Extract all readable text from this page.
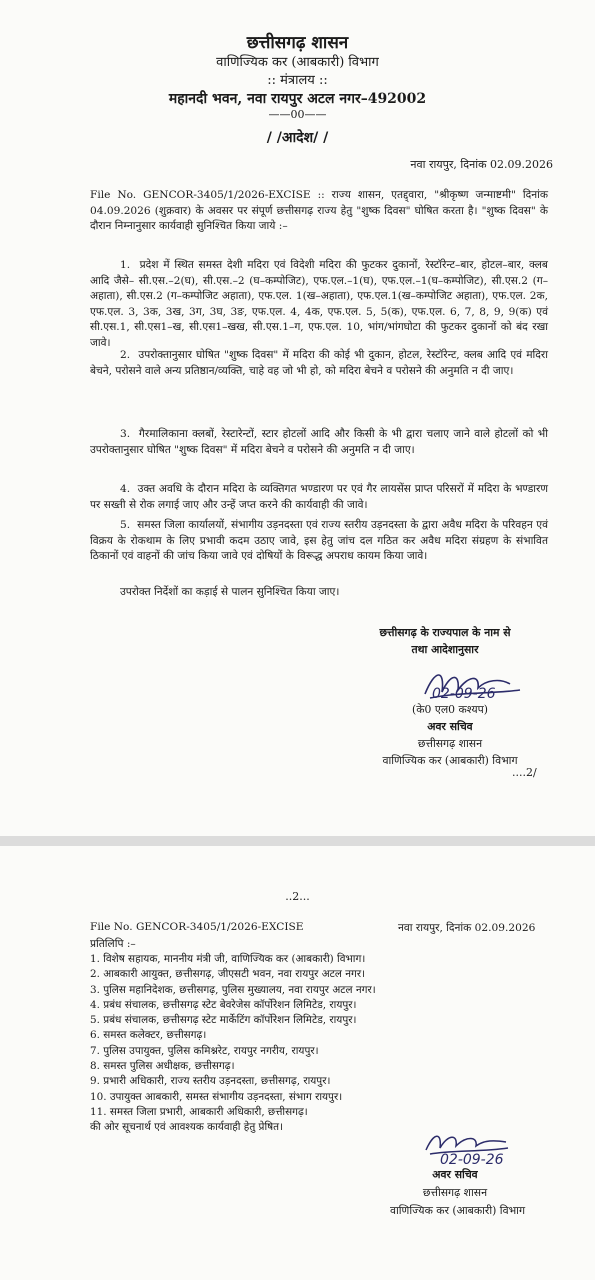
छत्तीसगढ़ शासन
वाणिज्यिक कर (आबकारी) विभाग
:: मंत्रालय ::
महानदी भवन, नवा रायपुर अटल नगर–492002
——00——
/ /आदेश/ /
नवा रायपुर, दिनांक 02.09.2026
File No. GENCOR-3405/1/2026-EXCISE :: राज्य शासन, एतद्द्वारा, "श्रीकृष्ण जन्माष्टमी" दिनांक 04.09.2026 (शुक्रवार) के अवसर पर संपूर्ण छत्तीसगढ़ राज्य हेतु "शुष्क दिवस" घोषित करता है। "शुष्क दिवस" के दौरान निम्नानुसार कार्यवाही सुनिश्चित किया जाये :–
1. प्रदेश में स्थित समस्त देशी मदिरा एवं विदेशी मदिरा की फुटकर दुकानों, रेस्टॉरेन्ट–बार, होटल–बार, क्लब आदि जैसे– सी.एस.–2(घ), सी.एस.–2 (घ–कम्पोजिट), एफ.एल.–1(घ), एफ.एल.–1(घ–कम्पोजिट), सी.एस.2 (ग–अहाता), सी.एस.2 (ग–कम्पोजिट अहाता), एफ.एल. 1(ख–अहाता), एफ.एल.1(ख–कम्पोजिट अहाता), एफ.एल. 2क, एफ.एल. 3, 3क, 3ख, 3ग, 3घ, 3ङ, एफ.एल. 4, 4क, एफ.एल. 5, 5(क), एफ.एल. 6, 7, 8, 9, 9(क) एवं सी.एस.1, सी.एस1–ख, सी.एस1–खख, सी.एस.1–ग, एफ.एल. 10, भांग/भांगघोटा की फुटकर दुकानों को बंद रखा जावे।
2. उपरोक्तानुसार घोषित "शुष्क दिवस" में मदिरा की कोई भी दुकान, होटल, रेस्टॉरेन्ट, क्लब आदि एवं मदिरा बेचने, परोसने वाले अन्य प्रतिष्ठान/व्यक्ति, चाहे वह जो भी हो, को मदिरा बेचने व परोसने की अनुमति न दी जाए।
3. गैरमालिकाना क्लबों, रेस्टारेन्टों, स्टार होटलों आदि और किसी के भी द्वारा चलाए जाने वाले होटलों को भी उपरोक्तानुसार घोषित "शुष्क दिवस" में मदिरा बेचने व परोसने की अनुमति न दी जाए।
4. उक्त अवधि के दौरान मदिरा के व्यक्तिगत भण्डारण पर एवं गैर लायसेंस प्राप्त परिसरों में मदिरा के भण्डारण पर सख्ती से रोक लगाई जाए और उन्हें जप्त करने की कार्यवाही की जावे।
5. समस्त जिला कार्यालयों, संभागीय उड़नदस्ता एवं राज्य स्तरीय उड़नदस्ता के द्वारा अवैध मदिरा के परिवहन एवं विक्रय के रोकथाम के लिए प्रभावी कदम उठाए जावे, इस हेतु जांच दल गठित कर अवैध मदिरा संग्रहण के संभावित ठिकानों एवं वाहनों की जांच किया जावे एवं दोषियों के विरूद्ध अपराध कायम किया जावे।
उपरोक्त निर्देशों का कड़ाई से पालन सुनिश्चित किया जाए।
छत्तीसगढ़ के राज्यपाल के नाम से
तथा आदेशानुसार
02-09-26
(के0 एल0 कश्यप)
अवर सचिव
छत्तीसगढ़ शासन
वाणिज्यिक कर (आबकारी) विभाग
....2/
..2...
File No. GENCOR-3405/1/2026-EXCISE	नवा रायपुर, दिनांक 02.09.2026
प्रतिलिपि :–
1. विशेष सहायक, माननीय मंत्री जी, वाणिज्यिक कर (आबकारी) विभाग।
2. आबकारी आयुक्त, छत्तीसगढ़, जीएसटी भवन, नवा रायपुर अटल नगर।
3. पुलिस महानिदेशक, छत्तीसगढ़, पुलिस मुख्यालय, नवा रायपुर अटल नगर।
4. प्रबंध संचालक, छत्तीसगढ़ स्टेट बेवरेजेस कॉर्पोरेशन लिमिटेड, रायपुर।
5. प्रबंध संचालक, छत्तीसगढ़ स्टेट मार्केटिंग कॉर्पोरेशन लिमिटेड, रायपुर।
6. समस्त कलेक्टर, छत्तीसगढ़।
7. पुलिस उपायुक्त, पुलिस कमिश्नरेट, रायपुर नगरीय, रायपुर।
8. समस्त पुलिस अधीक्षक, छत्तीसगढ़।
9. प्रभारी अधिकारी, राज्य स्तरीय उड़नदस्ता, छत्तीसगढ़, रायपुर।
10. उपायुक्त आबकारी, समस्त संभागीय उड़नदस्ता, संभाग रायपुर।
11. समस्त जिला प्रभारी, आबकारी अधिकारी, छत्तीसगढ़।
की ओर सूचनार्थ एवं आवश्यक कार्यवाही हेतु प्रेषित।
02-09-26
अवर सचिव
छत्तीसगढ़ शासन
वाणिज्यिक कर (आबकारी) विभाग
